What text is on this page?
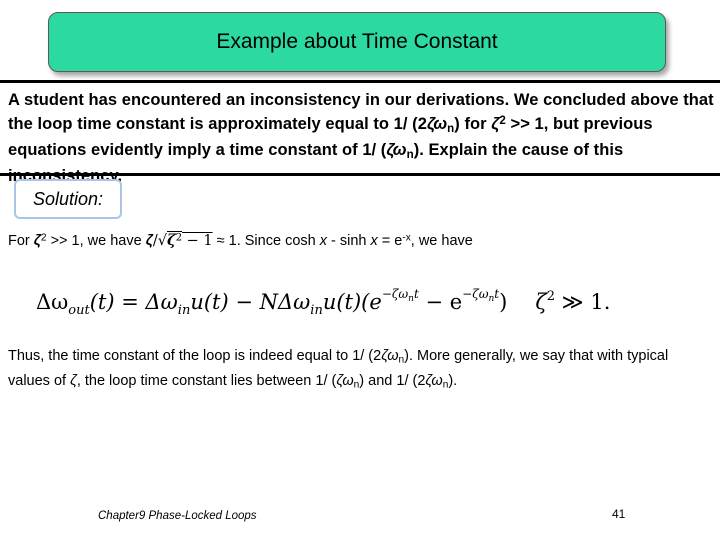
Example about Time Constant
A student has encountered an inconsistency in our derivations. We concluded above that the loop time constant is approximately equal to 1/ $(2\zeta\omega_n)$ for $\zeta^2 >> 1$, but previous equations evidently imply a time constant of 1/ $(\zeta\omega_n)$. Explain the cause of this
Solution:
For $\zeta^2 >> 1$, we have $\zeta/√\zeta^2 - 1 \approx 1$. Since $\cosh x - \sinh x = e^{-x}$, we have
$\Delta\omega_{out}(t) = \Delta\omega_{in}u(t) - N\Delta\omega_{in}u(t)(e^{-\zeta\omega}nt - e^{-\zeta\omega}nt)$ $\zeta^2$ ≫ 1.
Thus, the time constant of the loop is indeed equal to 1/ $(2\zeta\omega_n)$. More generally, we say that with typical values of ζ, the loop time constant lies between 1/ $(\zeta\omega_n)$ and 1/ $(2\zeta\omega_n)$.
Chapter9 Phase-Locked Loops	41
